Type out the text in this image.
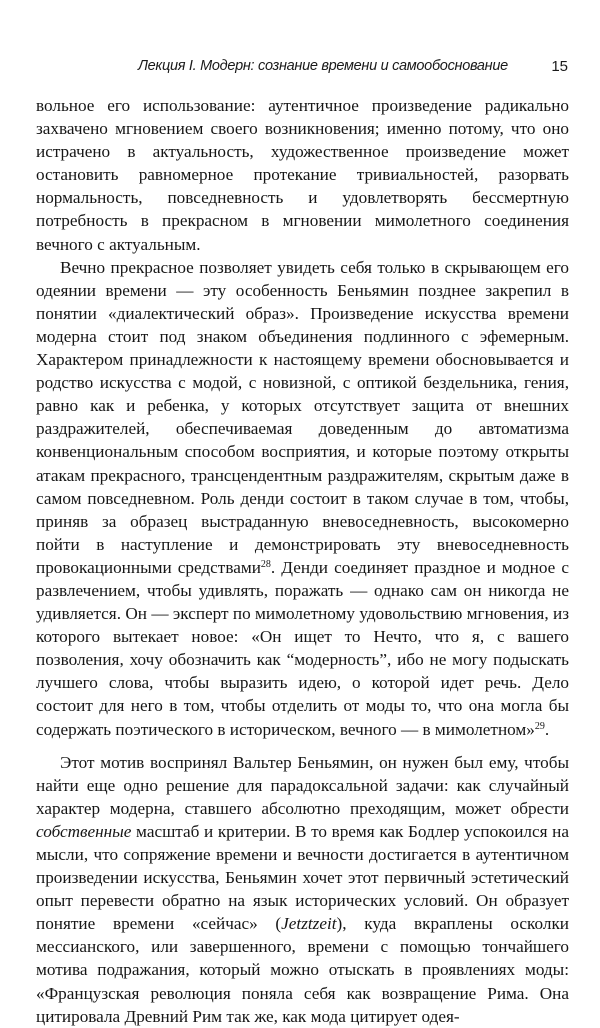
Лекция I. Модерн: сознание времени и самообоснование	15

вольное его использование: аутентичное произведение радикально захвачено мгновением своего возникновения; именно потому, что оно истрачено в актуальность, художественное произведение может остановить равномерное протекание тривиальностей, разорвать нормальность, повседневность и удовлетворять бессмертную потребность в прекрасном в мгновении мимолетного соединения вечного с актуальным.

Вечно прекрасное позволяет увидеть себя только в скрывающем его одеянии времени — эту особенность Беньямин позднее закрепил в понятии «диалектический образ». Произведение искусства времени модерна стоит под знаком объединения подлинного с эфемерным. Характером принадлежности к настоящему времени обосновывается и родство искусства с модой, с новизной, с оптикой бездельника, гения, равно как и ребенка, у которых отсутствует защита от внешних раздражителей, обеспечиваемая доведенным до автоматизма конвенциональным способом восприятия, и которые поэтому открыты атакам прекрасного, трансцендентным раздражителям, скрытым даже в самом повседневном. Роль денди состоит в таком случае в том, чтобы, приняв за образец выстраданную вневоседневность, высокомерно пойти в наступление и демонстрировать эту вневоседневность провокационными средствами$^{28}$. Денди соединяет праздное и модное с развлечением, чтобы удивлять, поражать — однако сам он никогда не удивляется. Он — эксперт по мимолетному удовольствию мгновения, из которого вытекает новое: «Он ищет то Нечто, что я, с вашего позволения, хочу обозначить как “модерность”, ибо не могу подыскать лучшего слова, чтобы выразить идею, о которой идет речь. Дело состоит для него в том, чтобы отделить от моды то, что она могла бы содержать поэтического в историческом, вечного — в мимолетном»$^{29}$.

Этот мотив воспринял Вальтер Беньямин, он нужен был ему, чтобы найти еще одно решение для парадоксальной задачи: как случайный характер модерна, ставшего абсолютно преходящим, может обрести собственные масштаб и критерии. В то время как Бодлер успокоился на мысли, что сопряжение времени и вечности достигается в аутентичном произведении искусства, Беньямин хочет этот первичный эстетический опыт перевести обратно на язык исторических условий. Он образует понятие времени «сейчас» (Jetztzeit), куда вкраплены осколки мессианского, или завершенного, времени с помощью тончайшего мотива подражания, который можно отыскать в проявлениях моды: «Французская революция поняла себя как возвращение Рима. Она цитировала Древний Рим так же, как мода цитирует одея-
